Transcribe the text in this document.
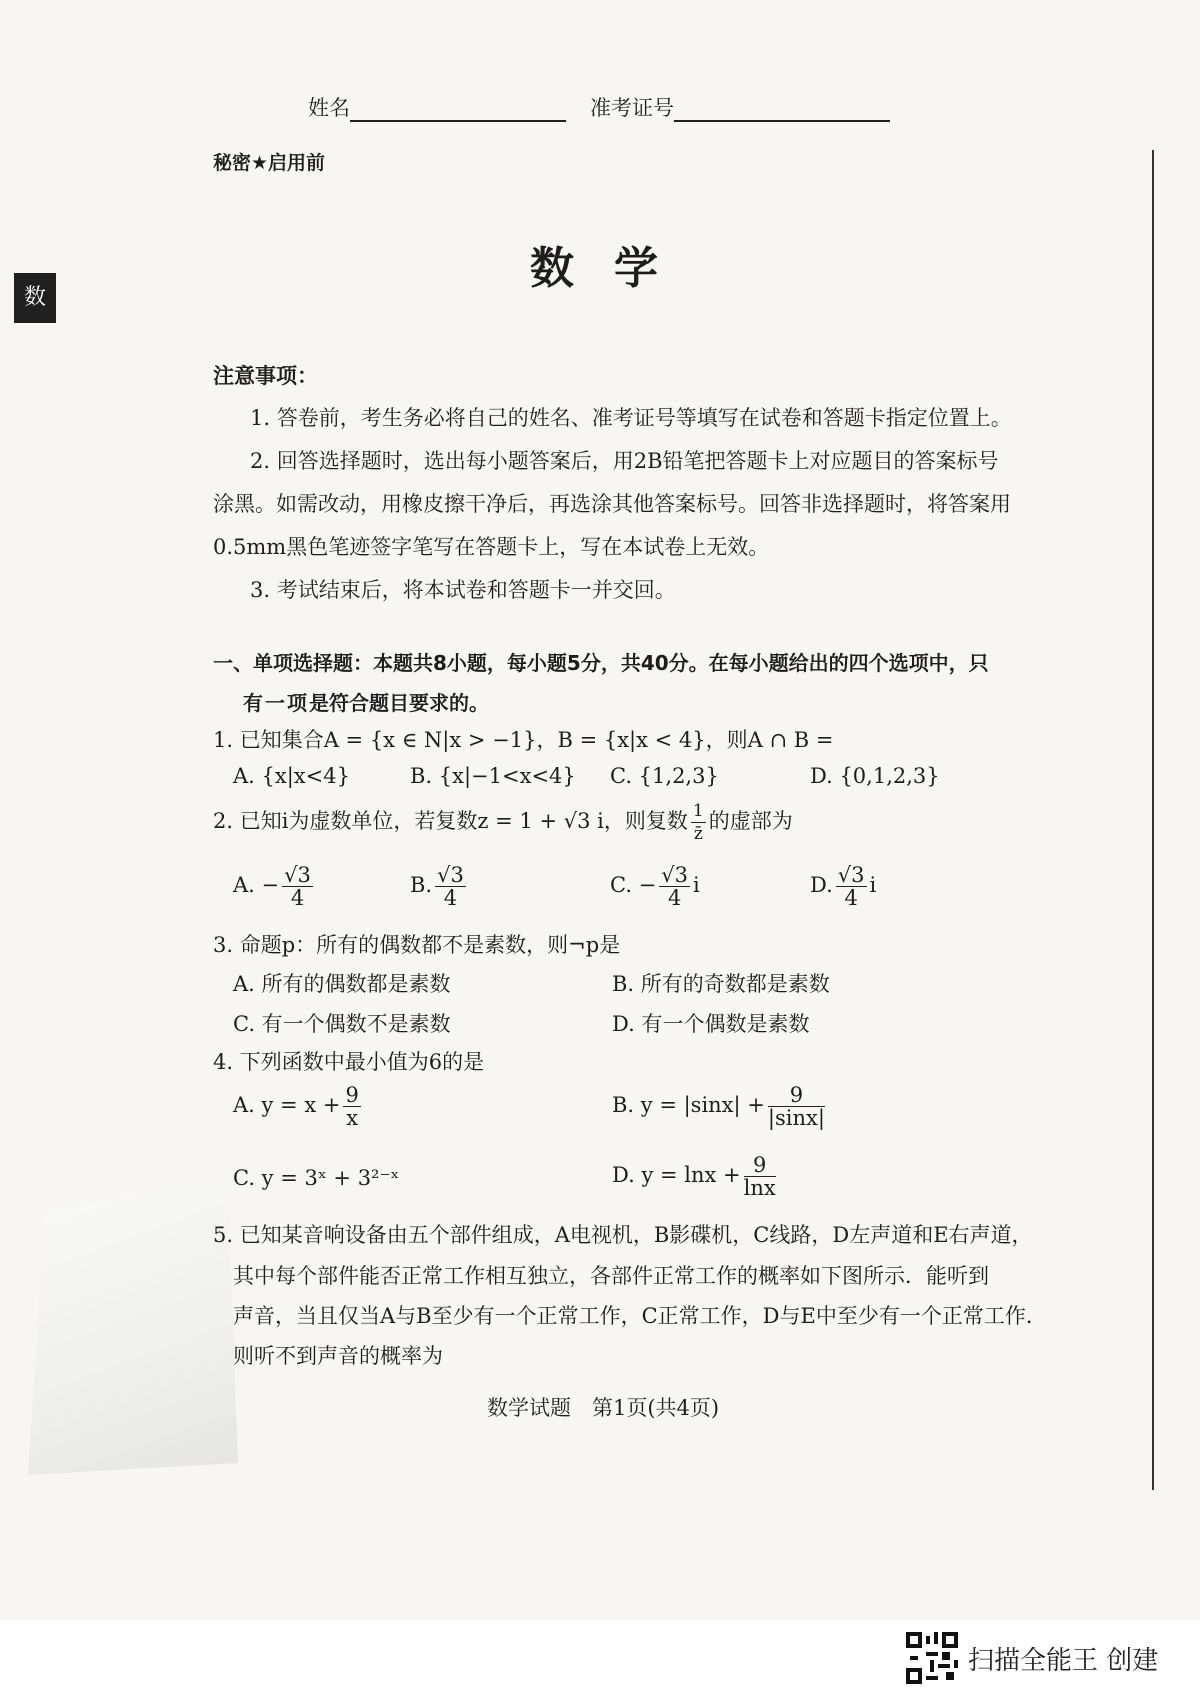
姓名	准考证号
秘密★启用前
数
数学
注意事项：
1. 答卷前，考生务必将自己的姓名、准考证号等填写在试卷和答题卡指定位置上。
2. 回答选择题时，选出每小题答案后，用2B铅笔把答题卡上对应题目的答案标号
涂黑。如需改动，用橡皮擦干净后，再选涂其他答案标号。回答非选择题时，将答案用
0.5mm黑色笔迹签字笔写在答题卡上，写在本试卷上无效。
3. 考试结束后，将本试卷和答题卡一并交回。
一、单项选择题：本题共8小题，每小题5分，共40分。在每小题给出的四个选项中，只
有一项是符合题目要求的。
1. 已知集合A = {x ∈ N|x > −1}，B = {x|x < 4}，则A ∩ B =
A. {x|x<4}	B. {x|−1<x<4} C. {1,2,3}	D. {0,1,2,3}
2. 已知i为虚数单位，若复数z = 1 + √3 i，则复数 $\frac{1}{z̄}$ 的虚部为
A. − $\frac{√3}{4}$	B. $\frac{√3}{4}$	C. − $\frac{√3}{4}$ i	D. $\frac{√3}{4}$ i
3. 命题p：所有的偶数都不是素数，则¬p是
A. 所有的偶数都是素数	B. 所有的奇数都是素数
C. 有一个偶数不是素数	D. 有一个偶数是素数
4. 下列函数中最小值为6的是
A. $y = x + \frac{9}{x}$	B. $y = |\sin x| + \frac{9}{|\sin x|}$
C. y = 3ˣ + 3²⁻ˣ	D. $y = \ln x + \frac{9}{\ln x}$
5. 已知某音响设备由五个部件组成，A电视机，B影碟机，C线路，D左声道和E右声道，
其中每个部件能否正常工作相互独立，各部件正常工作的概率如下图所示．能听到
声音，当且仅当A与B至少有一个正常工作，C正常工作，D与E中至少有一个正常工作．
则听不到声音的概率为
数学试题　第1页(共4页)
扫描全能王 创建
